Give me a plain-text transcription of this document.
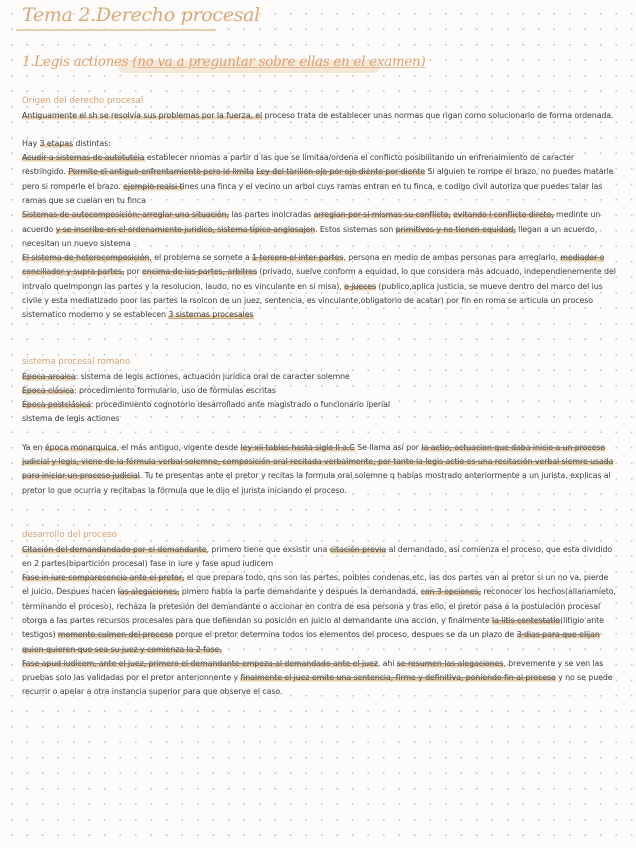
Tema 2.Derecho procesal
1.Legis actiones (no va a preguntar sobre ellas en el examen)
Origen del derecho procesal
Antiguamente el sh se resolvía sus problemas por la fuerza, el proceso trata de establecer unas normas que rigan como solucionarlo de forma ordenada.
Hay 3 etapas distintas:
Acudir a sistemas de autotutela establecer nnomas a partir d las que se limitaa/ordena el conflicto posibilitando un enfrenaimiento de caracter restringido. Permite el antiguo enfrentamiento pero lo limita Ley del tarilion ojo por ojo diente por diente Si alguien te rompe el brazo, no puedes matarle pero si romperle el brazo. ejemplo realsi tines una finca y el vecino un arbol cuys ramas entran en tu finca, e codigo civil autoriza que puedes talar las ramas que se cuelan en tu finca
Sistemas de autocomposición: arreglar una situación, las partes inolcradas arreglan por si mismas su conflicto, evitando l conflicto direto, medinte un acuerdo y se inscribe en el ordenamiento juridico, sistema típico anglosajon. Estos sistemas son primitivos y no tienen equidad, llegan a un acuerdo, necesitan un nuevo sistema
El sistema de heterocomposición, el problema se somete a 1 tercero el inter partes, persona en medio de ambas personas para arreglarlo, mediador o conciliador y supra partes, por encima de las partes, arbitros (privado, suelve conform a equidad, lo que considera más adcuado, independienemente del intrvalo quelmpongn las partes y la resolucion, laudo, no es vinculante en si misa), o jueces (publico,aplica justicia, se mueve dentro del marco del ius civile y esta mediatizado poor las partes la rsolcon de un juez, sentencia, es vinculante,obligatorio de acatar) por fin en roma se articula un proceso sistematico moderno y se establecen 3 sistemas procesales
sistema procesal romano
Época arcaica: sistema de legis actiones, actuación jurídica oral de caracter solemne
Época clásica: procedimiento formulario, uso de fórmulas escritas
Época postclásica: procedimiento cognotorio desarrollado ante magistrado o funcionario iperial
sistema de legis actiones
Ya en época monarquica, el más antiguo, vigente desde ley xii tablas hasta siglo II a.C Se llama así por la actio, actuacion que daba inicio a un proceso judicial y legis, viene de la fórmula verbal solemne, composición oral recitada verbalmente, por tanto la legis actio es una recitación verbal siemre usada para iniciar un proceso judicial. Tu te presentas ante el pretor y recitas la formula oral solemne q habías mostrado anteriormente a un jurista, explicas al pretor lo que ocurria y recitabas la fórmula que le dijo el jurista iniciando el proceso.
desarrollo del proceso
Citación del demandandado por el demandante, primero tiene que exsistir una citación previa al demandado, así comienza el proceso, que esta dividido en 2 partes(bipartición procesal) fase in iure y fase apud iudicem
Fase in iure comparecencia ante el pretor, el que prepara todo, qns son las partes, poibles condenas,etc, las dos partes van al pretor si un no va, pierde el juicio. Despues hacen las alegaciones, pimero habla la parte demandante y despues la demandada, con 3 opciones, reconocer los hechos(allanamieto, terminando el proceso), rechaza la pretesión del demandante o accionar en contra de esa persona y tras ello, el pretor pasa a la postulación procesal otorga a las partes recursos procesales para que defiendan su posición en juicio al demandante una accion, y finalmente la litis contestatio(litigio ante testigos) momento culmen del proceso porque el pretor determina todos los elementos del proceso, despues se da un plazo de 3 dias para que elijan quien quieren que sea su juez y comienza la 2 fase.
Fase apud iudicem, ante el juez, primero el demandante empeza al demandado ante el juez, ahi se resumen las alegaciones, brevemente y se ven las pruebas solo las validadas por el pretor anterionnente y finalmente el juez emite una sentencia, firme y definitiva, poniendo fin al proceso y no se puede recurrir o apelar a otra instancia superior para que observe el caso.
